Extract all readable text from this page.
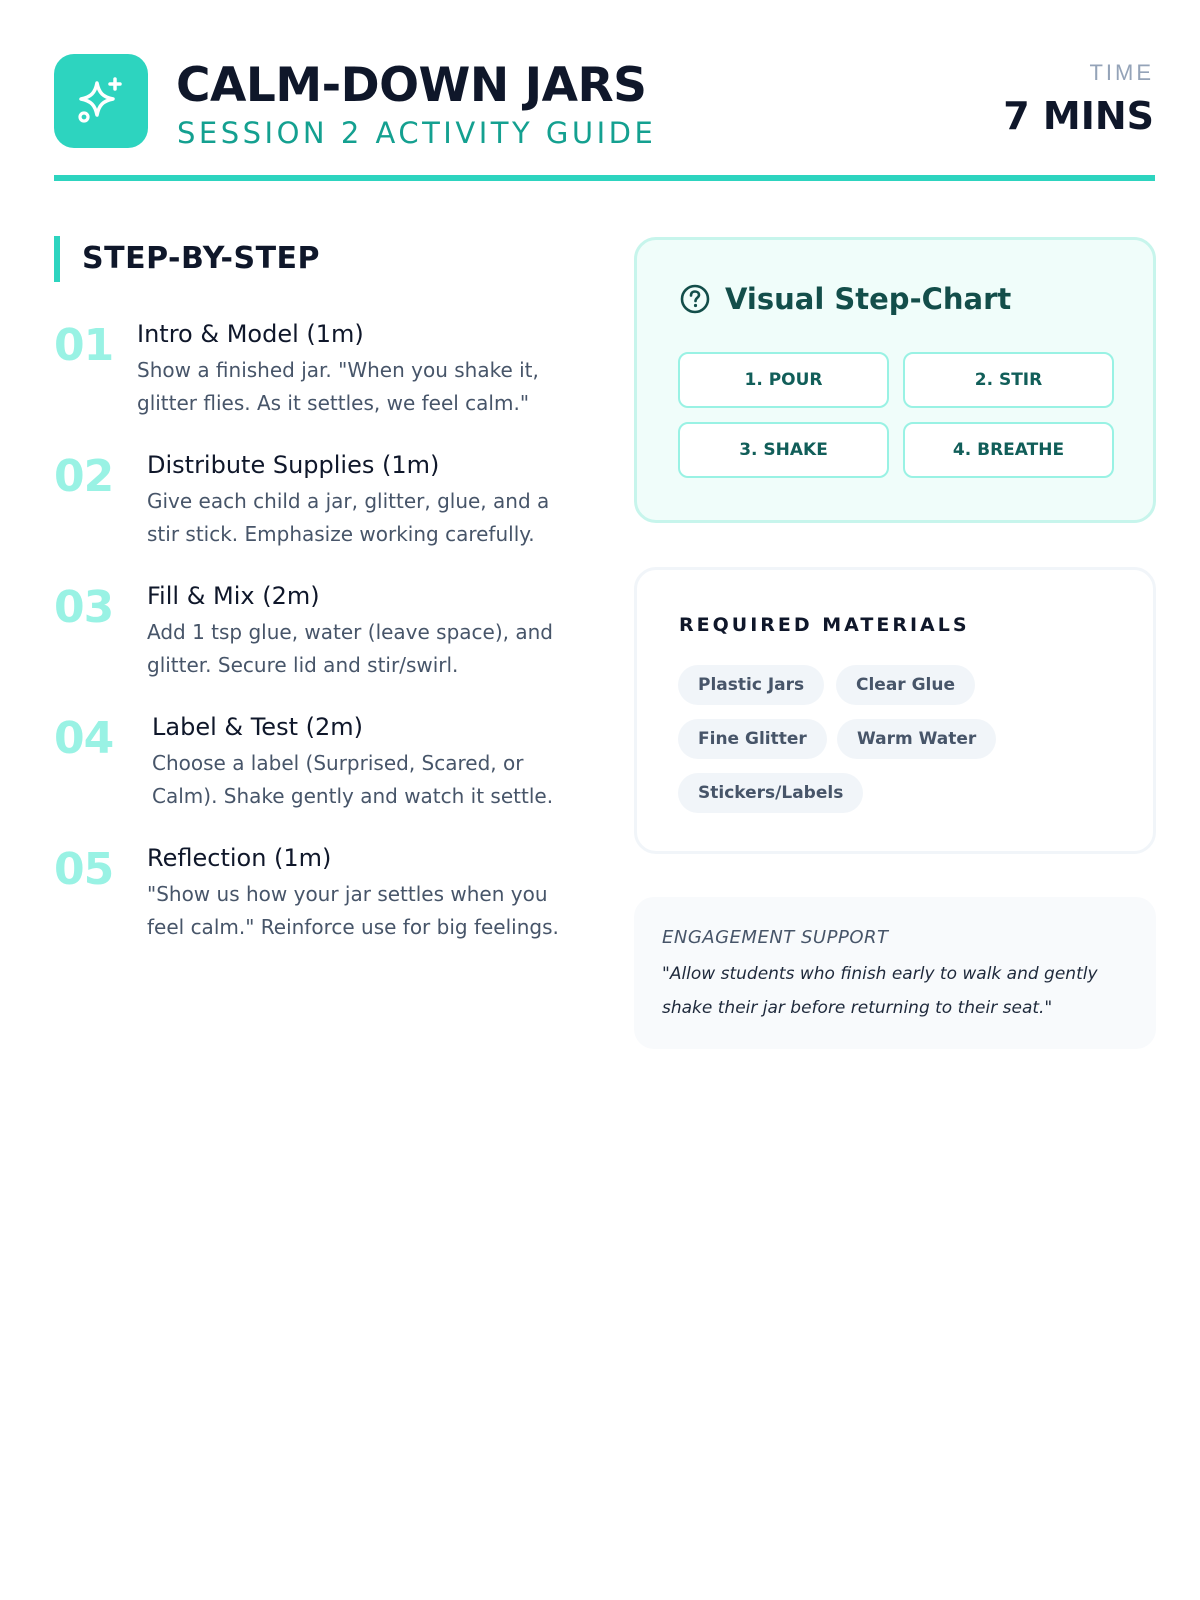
CALM-DOWN JARS
SESSION 2 ACTIVITY GUIDE
TIME
7 MINS
STEP-BY-STEP
01 Intro & Model (1m)
Show a finished jar. "When you shake it, glitter flies. As it settles, we feel calm."
02 Distribute Supplies (1m)
Give each child a jar, glitter, glue, and a stir stick. Emphasize working carefully.
03 Fill & Mix (2m)
Add 1 tsp glue, water (leave space), and glitter. Secure lid and stir/swirl.
04 Label & Test (2m)
Choose a label (Surprised, Scared, or Calm). Shake gently and watch it settle.
05 Reflection (1m)
"Show us how your jar settles when you feel calm." Reinforce use for big feelings.
Visual Step-Chart
1. POUR	2. STIR
3. SHAKE	4. BREATHE
REQUIRED MATERIALS
Plastic Jars	Clear Glue
Fine Glitter	Warm Water
Stickers/Labels
ENGAGEMENT SUPPORT
"Allow students who finish early to walk and gently shake their jar before returning to their seat."
